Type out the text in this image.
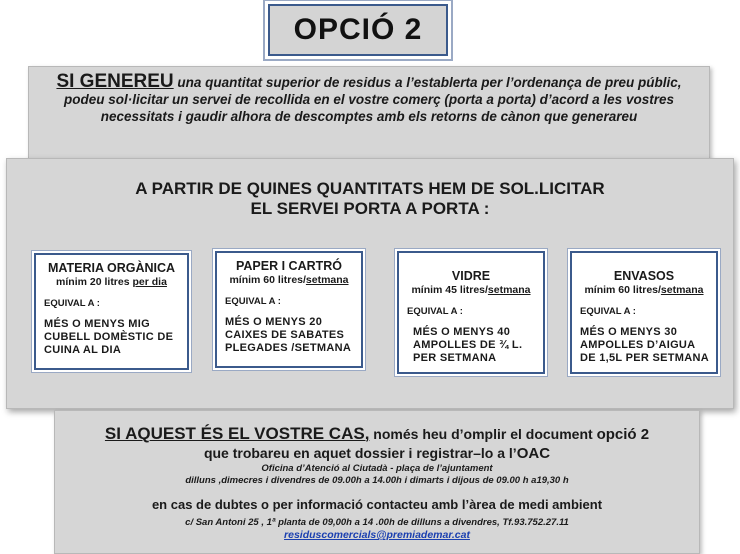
OPCIÓ 2

SI GENEREU una quantitat superior de residus a l’establerta per l’ordenança de preu públic, podeu sol·licitar un servei de recollida en el vostre comerç (porta a porta) d’acord a les vostres necessitats i gaudir alhora de descomptes amb els retorns de cànon que generareu

A PARTIR DE QUINES QUANTITATS HEM DE SOL.LICITAR
EL SERVEI PORTA A PORTA :
MATERIA ORGÀNICA
mínim 20 litres per dia
EQUIVAL A :
MÉS O MENYS MIG CUBELL DOMÈSTIC DE CUINA AL DIA
PAPER I CARTRÓ
mínim 60 litres/setmana
EQUIVAL A :
MÉS O MENYS 20 CAIXES DE SABATES PLEGADES /SETMANA
VIDRE
mínim 45 litres/setmana
EQUIVAL A :
MÉS O MENYS 40 AMPOLLES DE ¾ L. PER SETMANA
ENVASOS
mínim 60 litres/setmana
EQUIVAL A :
MÉS O MENYS 30 AMPOLLES D’AIGUA DE 1,5L PER SETMANA
SI AQUEST ÉS EL VOSTRE CAS, només heu d’omplir el document opció 2
que trobareu en aquet dossier i registrar–lo a l’OAC
Oficina d’Atenció al Ciutadà - plaça de l’ajuntament
dilluns ,dimecres i divendres de 09.00h a 14.00h i dimarts i dijous de 09.00 h a19,30 h
en cas de dubtes o per informació contacteu amb l’àrea de medi ambient
c/ San Antoni 25 , 1ª planta de 09,00h a 14 .00h de dilluns a divendres, Tf.93.752.27.11
residuscomercials@premiademar.cat
